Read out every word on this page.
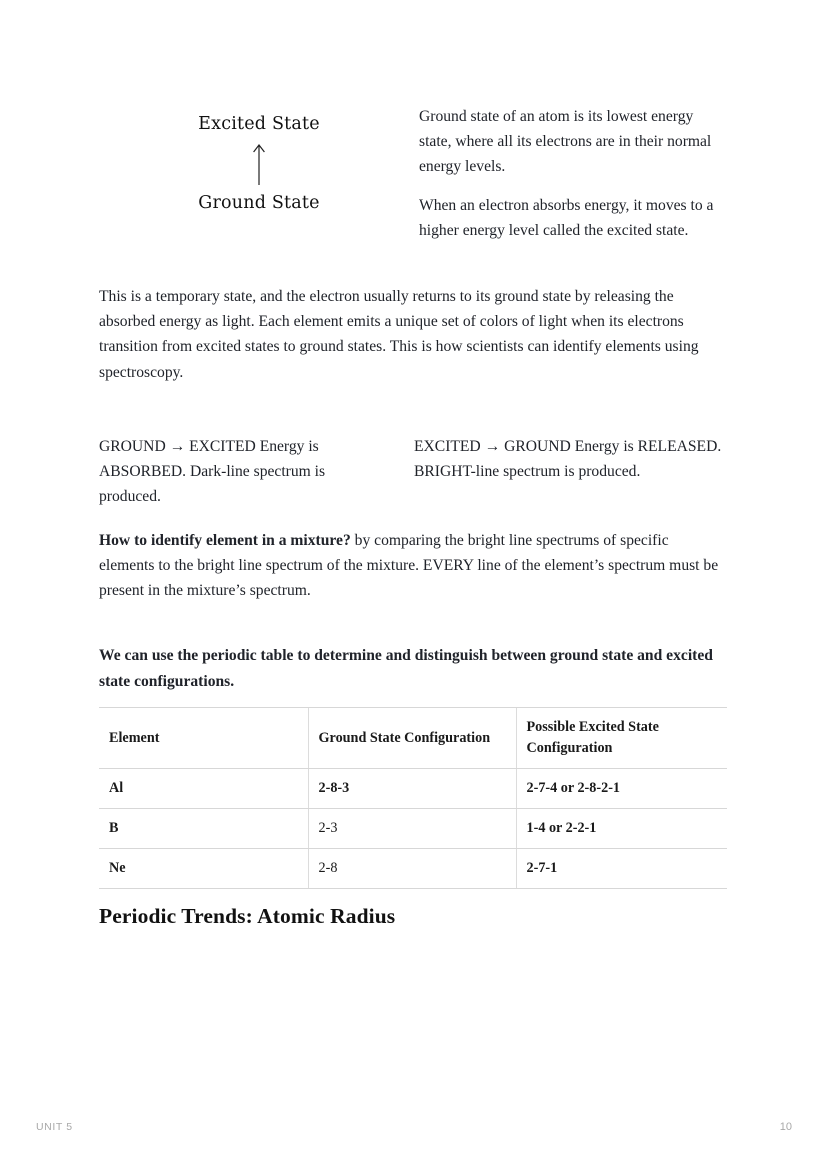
Excited State
Ground State

Ground state of an atom is its lowest energy state, where all its electrons are in their normal energy levels.

When an electron absorbs energy, it moves to a higher energy level called the excited state.

This is a temporary state, and the electron usually returns to its ground state by releasing the absorbed energy as light. Each element emits a unique set of colors of light when its electrons transition from excited states to ground states. This is how scientists can identify elements using spectroscopy.

GROUND → EXCITED Energy is ABSORBED. Dark-line spectrum is produced.
EXCITED → GROUND Energy is RELEASED. BRIGHT-line spectrum is produced.

How to identify element in a mixture? by comparing the bright line spectrums of specific elements to the bright line spectrum of the mixture. EVERY line of the element’s spectrum must be present in the mixture’s spectrum.

We can use the periodic table to determine and distinguish between ground state and excited state configurations.

Element	Ground State Configuration	Possible Excited State Configuration
Al	2-8-3	2-7-4 or 2-8-2-1
B	2-3	1-4 or 2-2-1
Ne	2-8	2-7-1
Periodic Trends: Atomic Radius
UNIT 5	10
